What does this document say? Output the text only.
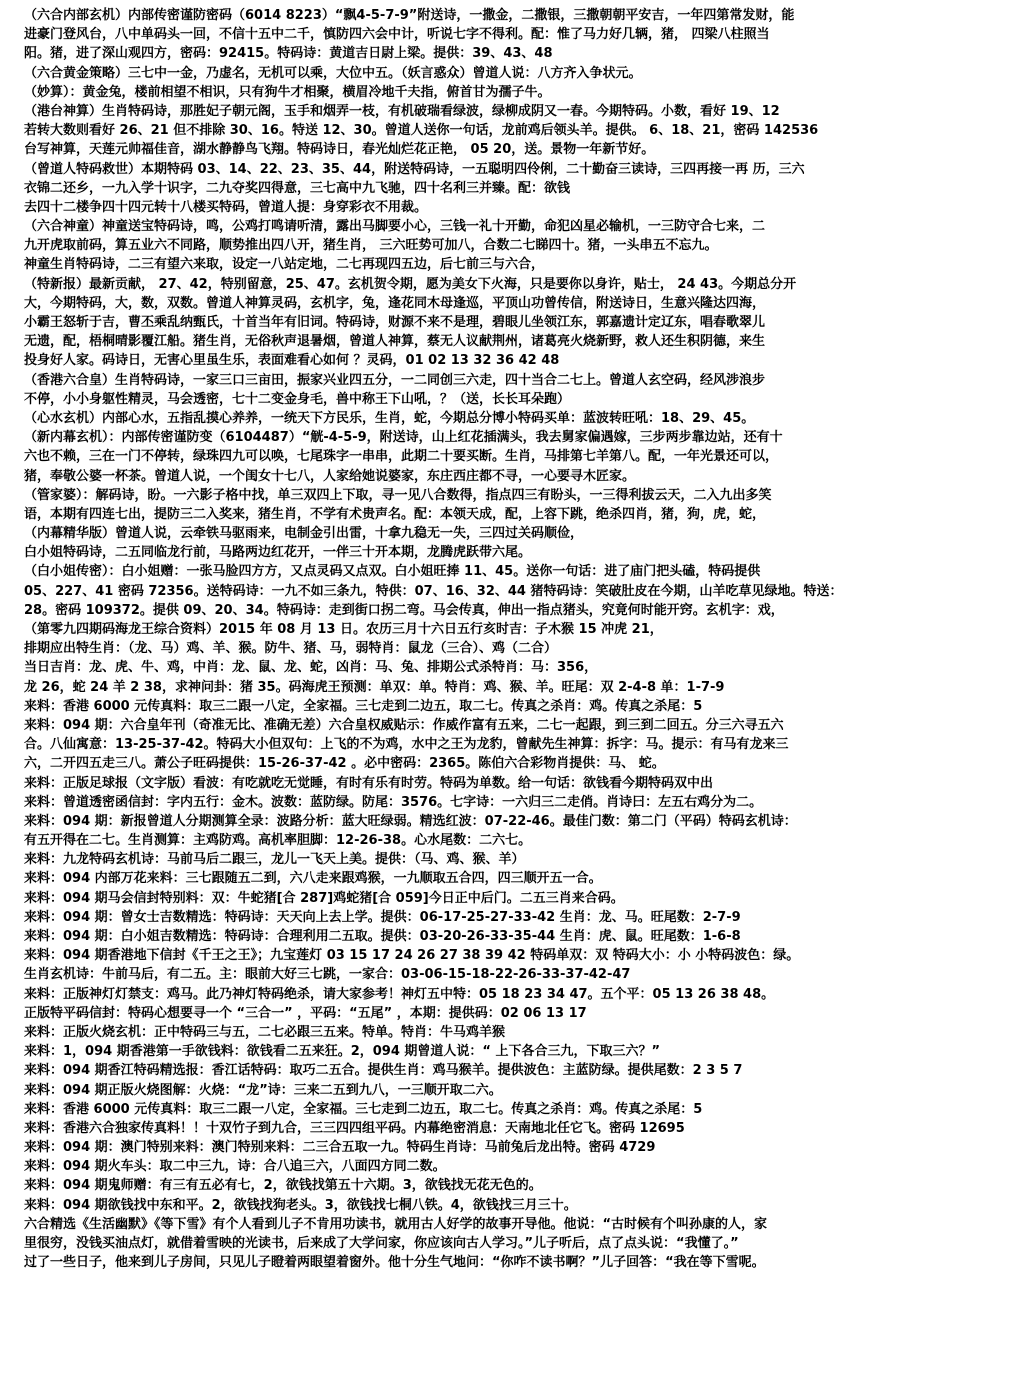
（六合内部玄机）内部传密谨防密码（6014 8223）“飘4-5-7-9”附送诗，一撒金，二撒银，三撒朝朝平安吉，一年四第常发财，能
进豪门登风台，八中单码头一回，不信十五中二千，慎防四六会中计，听说七字不得利。配：惟了马力好几辆，猪， 四梁八柱照当
阳。猪，进了深山观四方，密码：92415。特码诗：黄道吉日尉上梁。提供：39、43、48
（六合黄金策略）三七中一金，乃虚名，无机可以乘，大位中五。（妖言惑众）曾道人说：八方齐入争状元。
（妙算）：黄金兔，楼前相望不相识，只有狗牛才相聚，横眉冷地千夫指，俯首甘为孺子牛。
（港台神算）生肖特码诗，那胜妃子朝元阁，玉手和烟弄一枝，有机破瑞看绿波，绿柳成阴又一春。今期特码。小数，看好 19、12
若转大数则看好 26、21 但不排除 30、16。特送 12、30。曾道人送你一句话，龙前鸡后领头羊。提供。 6、18、21，密码 142536
台写神算，天莲元帅福佳音，湖水静静鸟飞翔。特码诗日，春光灿烂花正艳， 05 20，送。景物一年新节好。
（曾道人特码救世）本期特码 03、14、22、23、35、44，附送特码诗，一五聪明四伶俐，二十勤奋三读诗，三四再接一再 历，三六
衣锦二还乡，一九入学十识字，二九夺奖四得意，三七高中九飞驰，四十名利三并臻。配：欲钱
去四十二楼争四十四元转十八楼买特码，曾道人提：身穿彩衣不用裁。
（六合神童）神童送宝特码诗，鸣，公鸡打鸣请听清，露出马脚要小心，三钱一礼十开勤，命犯凶星必输机，一三防守合七来，二
九开虎取前码，算五业六不同路，顺势推出四八开，猪生肖， 三六旺势可加八，合数二七睇四十。猪，一头串五不忘九。
神童生肖特码诗，二三有望六来取，设定一八站定地，二七再现四五边，后七前三与六合，
（特新报）最新贡献， 27、42，特别留意，25、47。玄机贺令期，愿为美女下火海，只是要你以身许，贴士， 24 43。今期总分开
大，今期特码，大，数，双数。曾道人神算灵码，玄机字，兔，逢花同木母逢巡，平顶山功曾传信，附送诗日，生意兴隆达四海，
小霸王怒斩于吉，曹丕乘乱纳甄氏，十首当年有旧词。特码诗，财源不来不是理，碧眼儿坐领江东，郭嘉遗计定辽东，唱春歌翠儿
无遗，配，梧桐晴影覆江船。猪生肖，无俗秋声退暑烟，曾道人神算，蔡无人议献荆州，诸葛亮火烧新野，救人还生积阴德，来生
投身好人家。码诗日，无害心里虽生乐，表面难看心如何 ？灵码，01 02 13 32 36 42 48
（香港六合皇）生肖特码诗，一家三口三亩田，振家兴业四五分，一二同创三六走，四十当合二七上。曾道人玄空码，经风涉浪步
不停，小小身躯性精灵，马会透密，七十二变金身毛，兽中称王下山吼，？（送，长长耳朵跑）
（心水玄机）内部心水，五指乱摸心养养，一统天下方民乐，生肖，蛇，今期总分博小特码买单：蓝波转旺吼：18、29、45。
（新内幕玄机）：内部传密谨防变（6104487）“觥-4-5-9，附送诗，山上红花插满头，我去舅家偏遇嫁，三步两步靠边站，还有十
六也不赖，三在一门不停转，绿珠四九可以唤，七尾珠字一串串，此期二十要买断。生肖，马排第七羊第八。配，一年光景还可以，
猪，奉敬公婆一杯茶。曾道人说，一个闺女十七八，人家给她说婆家，东庄西庄都不寻，一心要寻木匠家。
（管家婆）：解码诗，盼。一六影子格中找，单三双四上下取，寻一见八合数得，指点四三有盼头，一三得利拔云天，二入九出多笑
语，本期有四连七出，提防三二入奖来，猪生肖，不学有术贵声名。配：本领天成，配，上容下跳，绝杀四肖，猪，狗，虎，蛇，
（内幕精华版）曾道人说，云牵铁马驱雨来，电制金引出雷，十拿九稳无一失，三四过关码顺俭，
白小姐特码诗，二五同临龙行前，马路两边红花开，一伴三十开本期，龙腾虎跃带六尾。
（白小姐传密）：白小姐赠：一张马脸四方方，又点灵码又点双。白小姐旺捧 11、45。送你一句话：进了庙门把头磕，特码提供
05、227、41 密码 72356。送特码诗：一九不如三条九，特供：07、16、32、44 猪特码诗：笑破肚皮在今期，山羊吃草见绿地。特送：
28。密码 109372。提供 09、20、34。特码诗：走到街口拐二弯。马会传真，伸出一指点猪头，究竟何时能开窍。玄机字：戏，
（第零九四期码海龙王综合资料）2015 年 08 月 13 日。农历三月十六日五行亥时吉：子木猴 15 冲虎 21，
排期应出特生肖：（龙、马）鸡、羊、猴。防牛、猪、马，弱特肖：鼠龙（三合）、鸡（二合）
当日吉肖：龙、虎、牛、鸡，中肖：龙、鼠、龙、蛇，凶肖：马、兔、排期公式杀特肖：马：356，
龙 26，蛇 24 羊 2 38，求神问卦：猪 35。码海虎王预测：单双：单。特肖：鸡、猴、羊。旺尾：双 2-4-8 单：1-7-9
来料：香港 6000 元传真料：取三二跟一八定，全家福。三七走到二边五，取二七。传真之杀肖：鸡。传真之杀尾：5
来料：094 期：六合皇年刊（奇准无比、准确无差）六合皇权威贴示：作威作富有五来，二七一起跟，到三到二回五。分三六寻五六
合。八仙寓意：13-25-37-42。特码大小但双句：上飞的不为鸡，水中之王为龙豹，曾献先生神算：拆字：马。提示：有马有龙来三
六，二开四五走三八。萧公子旺码提供：15-26-37-42 。必中密码：2365。陈伯六合彩物肖提供：马、 蛇。
来料：正版足球报（文字版）看波：有吃就吃无觉睡，有时有乐有时劳。特码为单数。给一句话：欲钱看今期特码双中出
来料：曾道透密函信封：字内五行：金木。波数：蓝防绿。防尾：3576。七字诗：一六归三二走俏。肖诗曰：左五右鸡分为二。
来料：094 期：新报曾道人分期测算全录：波路分析：蓝大旺绿弱。精选红波：07-22-46。最佳门数：第二门（平码）特码玄机诗：
有五开得在二七。生肖测算：主鸡防鸡。高机率胆脚：12-26-38。心水尾数：二六七。
来料：九龙特码玄机诗：马前马后二跟三，龙儿一飞天上美。提供：（马、鸡、猴、羊）
来料：094 内部万花来料：三七跟随五二到，六八走来跟鸡猴，一九顺取五合四，四三顺开五一合。
来料：094 期马会信封特别料：双：牛蛇猪[合 287]鸡蛇猪[合 059]今日正中后门。二五三肖来合码。
来料：094 期：曾女士吉数精选：特码诗：天天向上去上学。提供：06-17-25-27-33-42 生肖：龙、马。旺尾数：2-7-9
来料：094 期：白小姐吉数精选：特码诗：合理利用二五取。提供：03-20-26-33-35-44 生肖：虎、鼠。旺尾数：1-6-8
来料：094 期香港地下信封《千王之王》；九宝莲灯 03 15 17 24 26 27 38 39 42 特码单双：双 特码大小：小 小特码波色：绿。
生肖玄机诗：牛前马后，有二五。主：眼前大好三七跳，一家合：03-06-15-18-22-26-33-37-42-47
来料：正版神灯灯禁支：鸡马。此乃神灯特码绝杀，请大家参考！神灯五中特：05 18 23 34 47。五个平：05 13 26 38 48。
正版特平码信封：特码心想要寻一个 “三合一” ，平码：“五尾” ，本期：提供码：02 06 13 17
来料：正版火烧玄机：正中特码三与五，二七必跟三五来。特单。特肖：牛马鸡羊猴
来料：1，094 期香港第一手欲钱料：欲钱看二五来狂。2，094 期曾道人说：“ 上下各合三九，下取三六？”
来料：094 期香江特码精选报：香江话特码：取巧二五合。提供生肖：鸡马猴羊。提供波色：主蓝防绿。提供尾数：2 3 5 7
来料：094 期正版火烧图解：火烧：“龙”诗：三来二五到九八，一三顺开取二六。
来料：香港 6000 元传真料：取三二跟一八定，全家福。三七走到二边五，取二七。传真之杀肖：鸡。传真之杀尾：5
来料：香港六合独家传真料！！十双竹子到九合，三三四四组平码。内幕绝密消息：天南地北任它飞。密码 12695
来料：094 期：澳门特别来料：澳门特别来料：二三合五取一九。特码生肖诗：马前兔后龙出特。密码 4729
来料：094 期火车头：取二中三九，诗：合八追三六，八面四方同二数。
来料：094 期鬼师赠：有三有五必有七，2，欲钱找第五十六期。3，欲钱找无花无色的。
来料：094 期欲钱找中东和平。2，欲钱找狗老头。3，欲钱找七桐八铁。4，欲钱找三月三十。
六合精选《生活幽默》《等下雪》有个人看到儿子不肯用功读书，就用古人好学的故事开导他。他说：“古时候有个叫孙康的人，家
里很穷，没钱买油点灯，就借着雪映的光读书，后来成了大学问家，你应该向古人学习。”儿子听后，点了点头说：“我懂了。”
过了一些日子，他来到儿子房间，只见儿子瞪着两眼望着窗外。他十分生气地问：“你咋不读书啊？”儿子回答：“我在等下雪呢。
